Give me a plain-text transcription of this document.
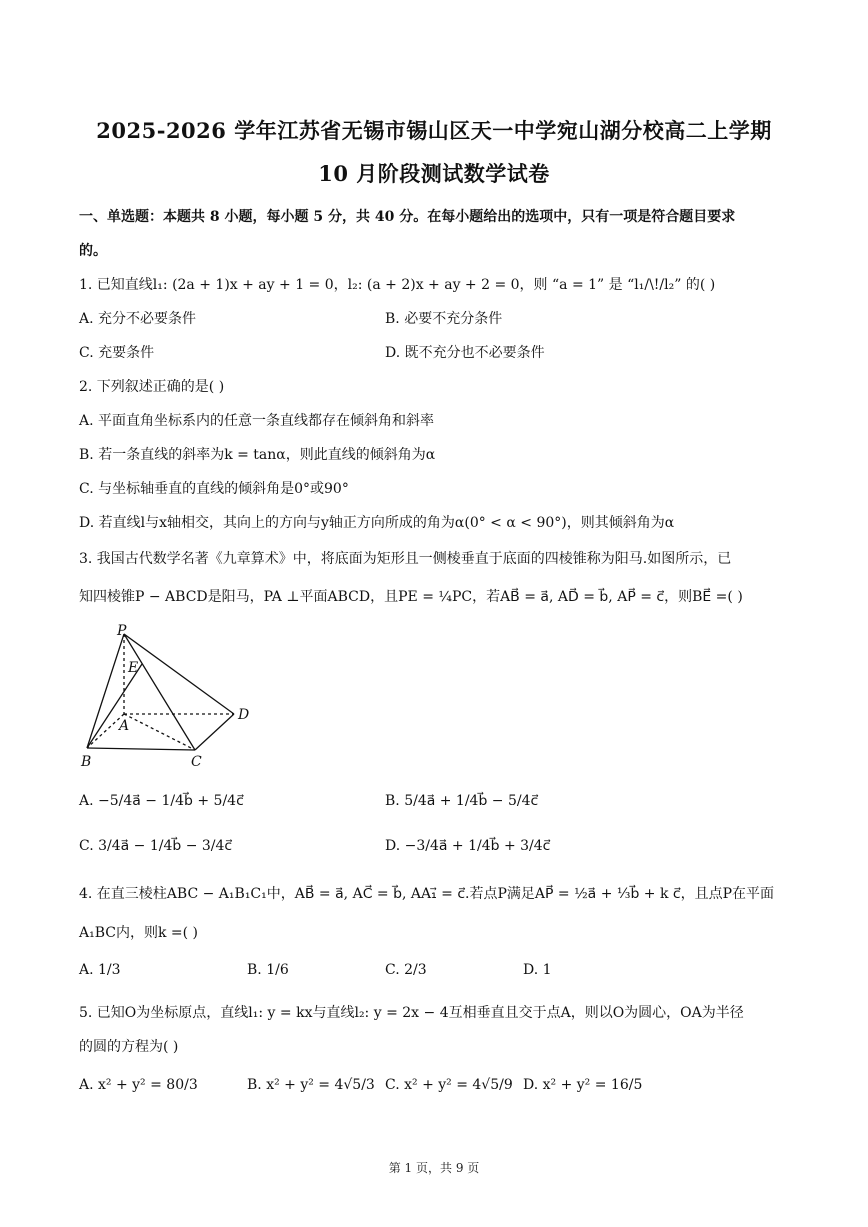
2025-2026 学年江苏省无锡市锡山区天一中学宛山湖分校高二上学期
10 月阶段测试数学试卷
一、单选题：本题共 8 小题，每小题 5 分，共 40 分。在每小题给出的选项中，只有一项是符合题目要求
的。
1. 已知直线l₁: (2a + 1)x + ay + 1 = 0，l₂: (a + 2)x + ay + 2 = 0，则 “a = 1” 是 “l₁/\!/l₂” 的( )
A. 充分不必要条件	B. 必要不充分条件
C. 充要条件	D. 既不充分也不必要条件
2. 下列叙述正确的是( )
A. 平面直角坐标系内的任意一条直线都存在倾斜角和斜率
B. 若一条直线的斜率为k = tanα，则此直线的倾斜角为α
C. 与坐标轴垂直的直线的倾斜角是0°或90°
D. 若直线l与x轴相交，其向上的方向与y轴正方向所成的角为α(0° < α < 90°)，则其倾斜角为α
3. 我国古代数学名著《九章算术》中，将底面为矩形且一侧棱垂直于底面的四棱锥称为阳马.如图所示，已
知四棱锥P − ABCD是阳马，PA ⊥平面ABCD，且PE = ¼PC，若AB⃗ = a⃗, AD⃗ = b⃗, AP⃗ = c⃗，则BE⃗ =( )
P
E
A
D
B	C
A. −5/4a⃗ − 1/4b⃗ + 5/4c⃗	B. 5/4a⃗ + 1/4b⃗ − 5/4c⃗
C. 3/4a⃗ − 1/4b⃗ − 3/4c⃗	D. −3/4a⃗ + 1/4b⃗ + 3/4c⃗
4. 在直三棱柱ABC − A₁B₁C₁中，AB⃗ = a⃗, AC⃗ = b⃗, AA₁⃗ = c⃗.若点P满足AP⃗ = ½a⃗ + ⅓b⃗ + k c⃗，且点P在平面
A₁BC内，则k =( )
A. 1/3	B. 1/6	C. 2/3	D. 1
5. 已知O为坐标原点，直线l₁: y = kx与直线l₂: y = 2x − 4互相垂直且交于点A，则以O为圆心，OA为半径
的圆的方程为( )
A. x² + y² = 80/3	B. x² + y² = 4√5/3 C. x² + y² = 4√5/9 D. x² + y² = 16/5
第 1 页，共 9 页
